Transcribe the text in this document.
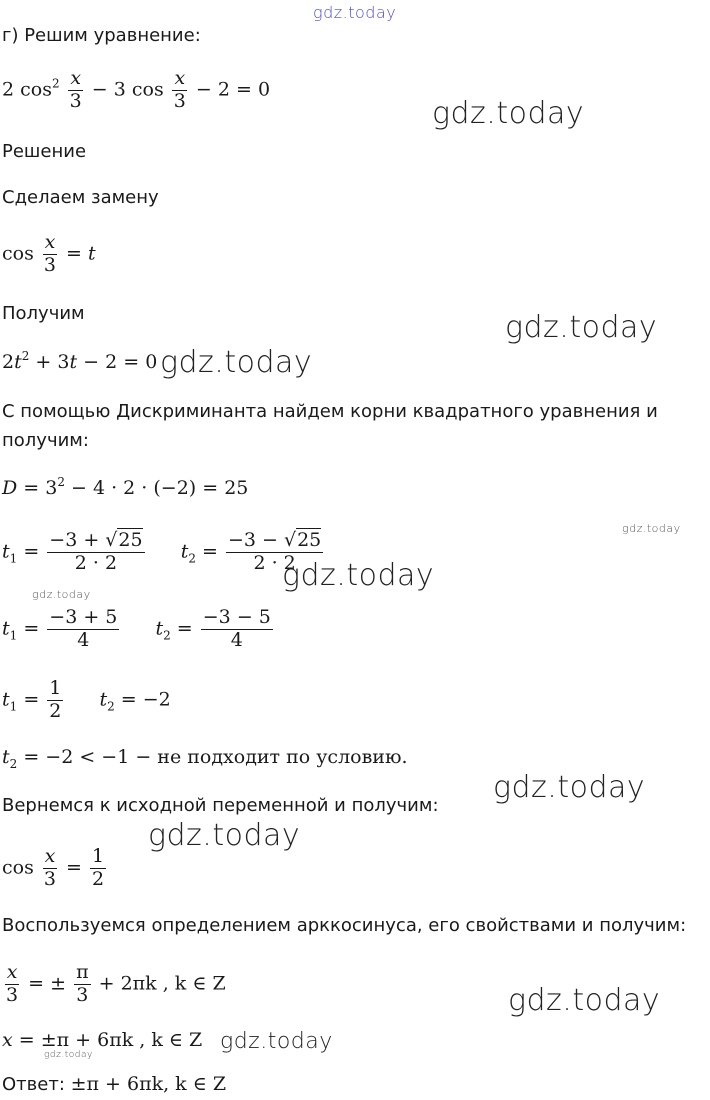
gdz.today
gdz.today
gdz.today
gdz.today
gdz.today
gdz.today
gdz.today
gdz.today
gdz.today
gdz.today
gdz.today
gdz.today
г) Решим уравнение:
2 $\cos^2 \frac{x}{3} - 3$ $\cos \frac{x}{3} - 2 = 0$
Решение
Сделаем замену
$\cos \frac{x}{3} = t$
Получим
$2t^2 + 3t - 2 = 0$
С помощью Дискриминанта найдем корни квадратного уравнения и
получим:
$D = 3^2 - 4 \cdot 2 \cdot (-2) = 25$
$t_1 = \frac{-3 + √25}{2 \cdot 2} t_2 = \frac{-3 - √25}{2 \cdot 2}$
$t_1 = \frac{-3 + 5}{4} t_2 = \frac{-3 - 5}{4}$
$t_1 = \frac{1}{2} t_2 = -2$
$t_2 = -2 < -1$ − не подходит по условию.
Вернемся к исходной переменной и получим:
$\cos \frac{x}{3} = \frac{1}{2}$
Воспользуемся определением арккосинуса, его свойствами и получим:
$\frac{x}{3}$ = ± $\frac{\pi}{3} + 2\pi k$ , k ∈ Z
x = ±π + 6πk , k ∈ Z
Ответ: ±π + 6πk, k ∈ Z
